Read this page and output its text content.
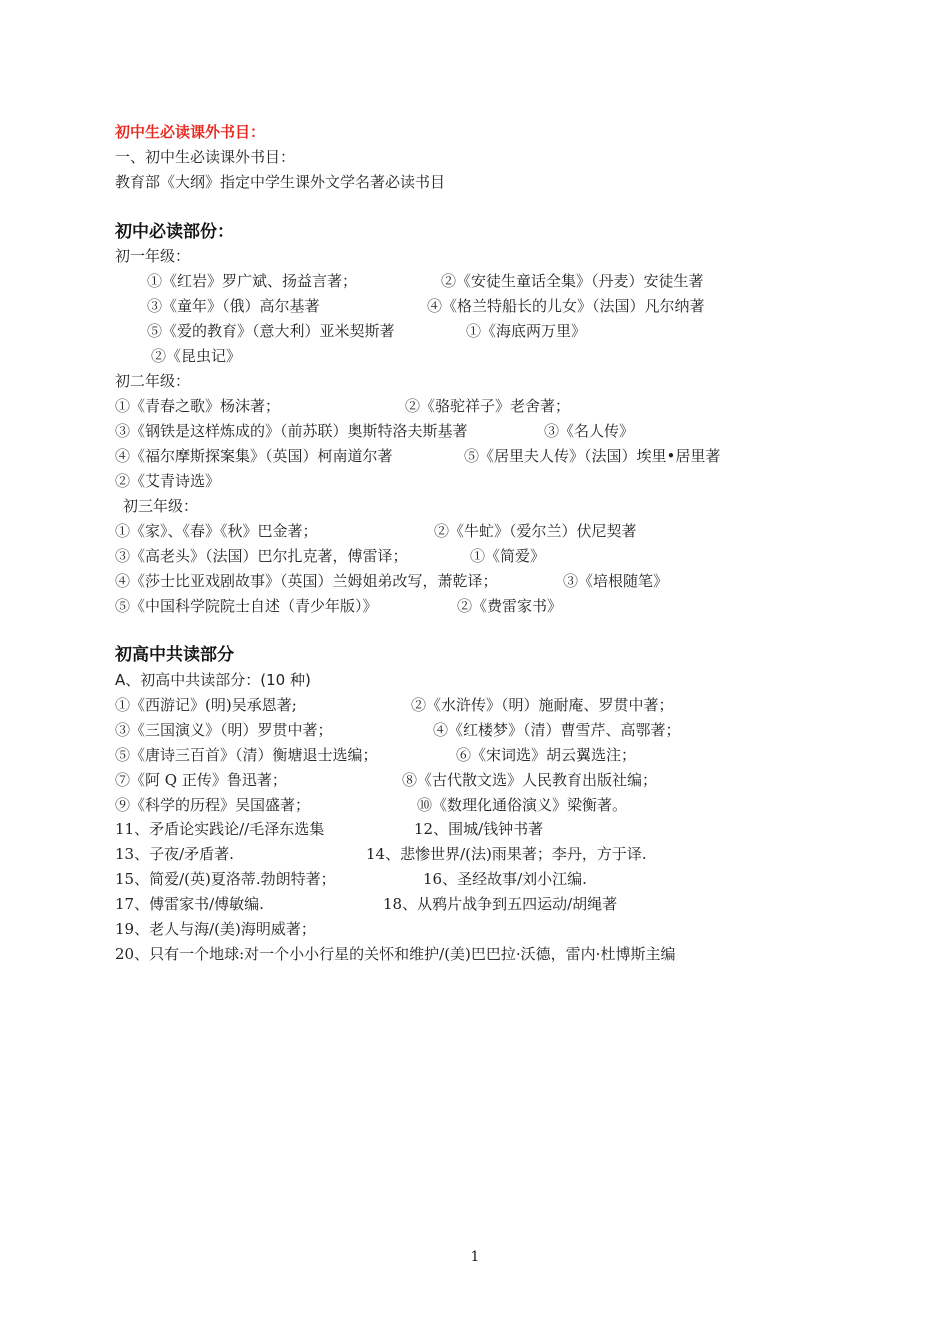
初中生必读课外书目：
一、初中生必读课外书目：
教育部《大纲》指定中学生课外文学名著必读书目
初中必读部份：
初一年级：
①《红岩》罗广斌、扬益言著；	②《安徒生童话全集》（丹麦）安徒生著
③《童年》（俄）高尔基著	④《格兰特船长的儿女》（法国）凡尔纳著
⑤《爱的教育》（意大利）亚米契斯著	①《海底两万里》
②《昆虫记》
初二年级：
①《青春之歌》杨沫著；	②《骆驼祥子》老舍著；
③《钢铁是这样炼成的》（前苏联）奥斯特洛夫斯基著	③《名人传》
④《福尔摩斯探案集》（英国）柯南道尔著	⑤《居里夫人传》（法国）埃里•居里著
②《艾青诗选》
初三年级：
①《家》、《春》《秋》巴金著；	②《牛虻》（爱尔兰）伏尼契著
③《高老头》（法国）巴尔扎克著，傅雷译；	①《简爱》
④《莎士比亚戏剧故事》（英国）兰姆姐弟改写，萧乾译；	③《培根随笔》
⑤《中国科学院院士自述（青少年版）》	②《费雷家书》
初高中共读部分
A、初高中共读部分：(10 种)
①《西游记》(明)吴承恩著;	②《水浒传》（明）施耐庵、罗贯中著；
③《三国演义》（明）罗贯中著；	④《红楼梦》（清）曹雪芹、高鄂著；
⑤《唐诗三百首》（清）衡塘退士选编；	⑥《宋词选》胡云翼选注；
⑦《阿 Q 正传》鲁迅著；	⑧《古代散文选》人民教育出版社编；
⑨《科学的历程》吴国盛著；	⑩《数理化通俗演义》梁衡著。
11、矛盾论实践论//毛泽东选集	12、围城/钱钟书著
13、子夜/矛盾著.	14、悲惨世界/(法)雨果著；李丹，方于译.
15、简爱/(英)夏洛蒂.勃朗特著；	16、圣经故事/刘小江编.
17、傅雷家书/傅敏编.	18、从鸦片战争到五四运动/胡绳著
19、老人与海/(美)海明威著；
20、只有一个地球:对一个小小行星的关怀和维护/(美)巴巴拉·沃德，雷内·杜博斯主编
1
